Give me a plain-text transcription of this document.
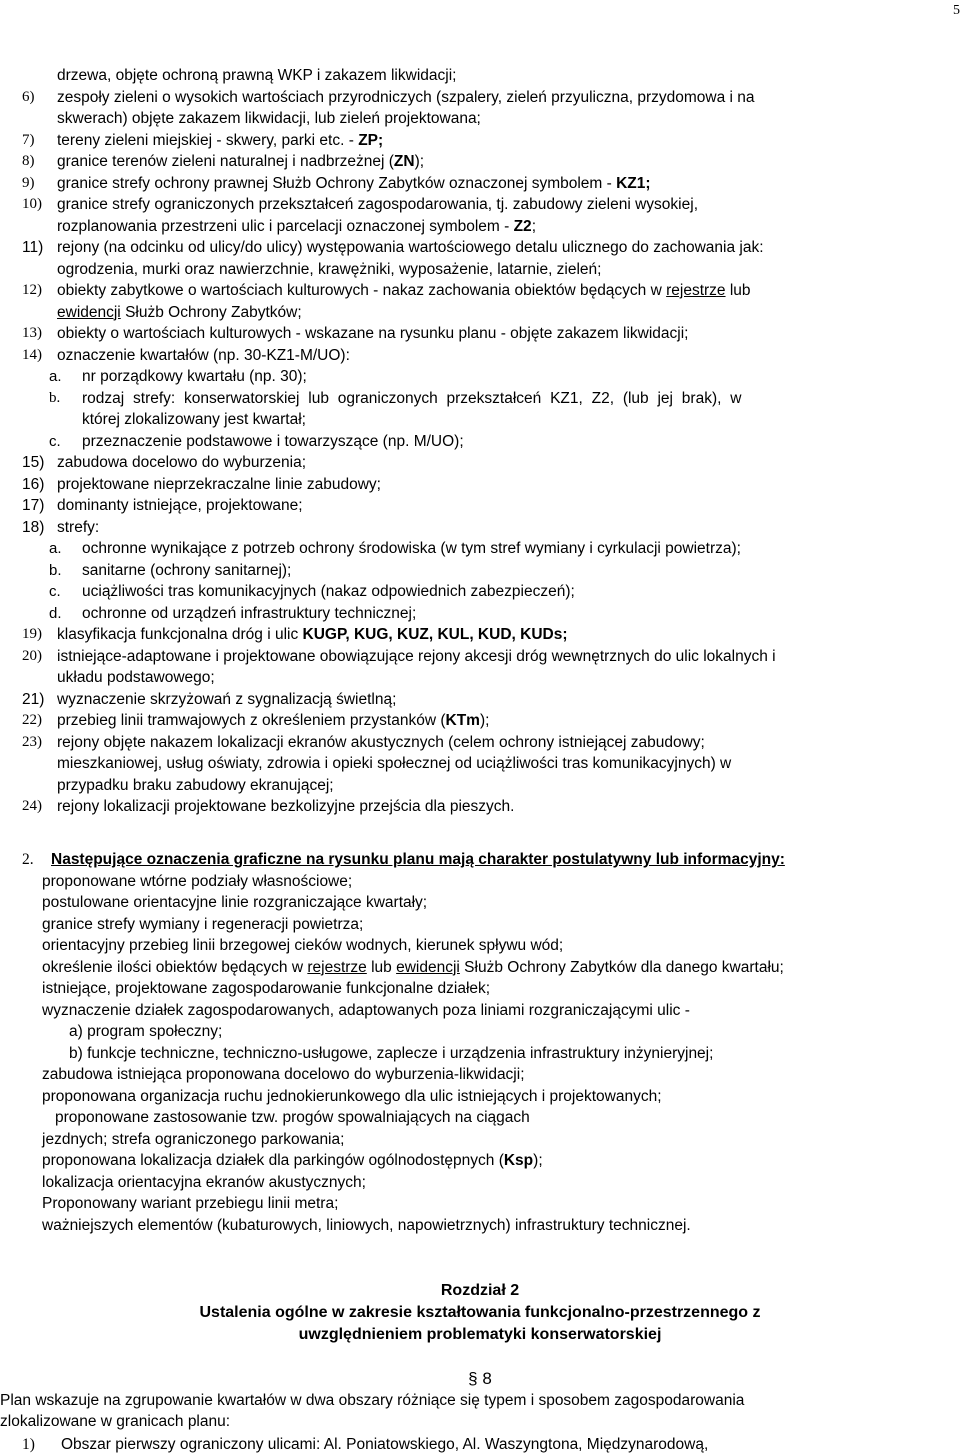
5
drzewa, objęte ochroną prawną WKP i zakazem likwidacji;
6) zespoły zieleni o wysokich wartościach przyrodniczych (szpalery, zieleń przyuliczna, przydomowa i na
skwerach) objęte zakazem likwidacji, lub zieleń projektowana;
7) tereny zieleni miejskiej - skwery, parki etc. - ZP;
8) granice terenów zieleni naturalnej i nadbrzeżnej (ZN);
9) granice strefy ochrony prawnej Służb Ochrony Zabytków oznaczonej symbolem - KZ1;
10) granice strefy ograniczonych przekształceń zagospodarowania, tj. zabudowy zieleni wysokiej,
rozplanowania przestrzeni ulic i parcelacji oznaczonej symbolem - Z2;
11) rejony (na odcinku od ulicy/do ulicy) występowania wartościowego detalu ulicznego do zachowania jak:
ogrodzenia, murki oraz nawierzchnie, krawężniki, wyposażenie, latarnie, zieleń;
12) obiekty zabytkowe o wartościach kulturowych - nakaz zachowania obiektów będących w rejestrze lub
ewidencji Służb Ochrony Zabytków;
13) obiekty o wartościach kulturowych - wskazane na rysunku planu - objęte zakazem likwidacji;
14) oznaczenie kwartałów (np. 30-KZ1-M/UO):
a. nr porządkowy kwartału (np. 30);
b. rodzaj strefy: konserwatorskiej lub ograniczonych przekształceń KZ1, Z2, (lub jej brak), w
której zlokalizowany jest kwartał;
c. przeznaczenie podstawowe i towarzyszące (np. M/UO);
15) zabudowa docelowo do wyburzenia;
16) projektowane nieprzekraczalne linie zabudowy;
17) dominanty istniejące, projektowane;
18) strefy:
a. ochronne wynikające z potrzeb ochrony środowiska (w tym stref wymiany i cyrkulacji powietrza);
b. sanitarne (ochrony sanitarnej);
c. uciążliwości tras komunikacyjnych (nakaz odpowiednich zabezpieczeń);
d. ochronne od urządzeń infrastruktury technicznej;
19) klasyfikacja funkcjonalna dróg i ulic KUGP, KUG, KUZ, KUL, KUD, KUDs;
20) istniejące-adaptowane i projektowane obowiązujące rejony akcesji dróg wewnętrznych do ulic lokalnych i
układu podstawowego;
21) wyznaczenie skrzyżowań z sygnalizacją świetlną;
22) przebieg linii tramwajowych z określeniem przystanków (KTm);
23) rejony objęte nakazem lokalizacji ekranów akustycznych (celem ochrony istniejącej zabudowy;
mieszkaniowej, usług oświaty, zdrowia i opieki społecznej od uciążliwości tras komunikacyjnych) w
przypadku braku zabudowy ekranującej;
24) rejony lokalizacji projektowane bezkolizyjne przejścia dla pieszych.
2. Następujące oznaczenia graficzne na rysunku planu mają charakter postulatywny lub informacyjny:
proponowane wtórne podziały własnościowe;
postulowane orientacyjne linie rozgraniczające kwartały;
granice strefy wymiany i regeneracji powietrza;
orientacyjny przebieg linii brzegowej cieków wodnych, kierunek spływu wód;
określenie ilości obiektów będących w rejestrze lub ewidencji Służb Ochrony Zabytków dla danego kwartału;
istniejące, projektowane zagospodarowanie funkcjonalne działek;
wyznaczenie działek zagospodarowanych, adaptowanych poza liniami rozgraniczającymi ulic -
a) program społeczny;
b) funkcje techniczne, techniczno-usługowe, zaplecze i urządzenia infrastruktury inżynieryjnej;
zabudowa istniejąca proponowana docelowo do wyburzenia-likwidacji;
proponowana organizacja ruchu jednokierunkowego dla ulic istniejących i projektowanych;
proponowane zastosowanie tzw. progów spowalniających na ciągach
jezdnych; strefa ograniczonego parkowania;
proponowana lokalizacja działek dla parkingów ogólnodostępnych (Ksp);
lokalizacja orientacyjna ekranów akustycznych;
Proponowany wariant przebiegu linii metra;
ważniejszych elementów (kubaturowych, liniowych, napowietrznych) infrastruktury technicznej.
Rozdział 2
Ustalenia ogólne w zakresie kształtowania funkcjonalno-przestrzennego z
uwzględnieniem problematyki konserwatorskiej
§ 8
Plan wskazuje na zgrupowanie kwartałów w dwa obszary różniące się typem i sposobem zagospodarowania
zlokalizowane w granicach planu:
1) Obszar pierwszy ograniczony ulicami: Al. Poniatowskiego, Al. Waszyngtona, Międzynarodową,
